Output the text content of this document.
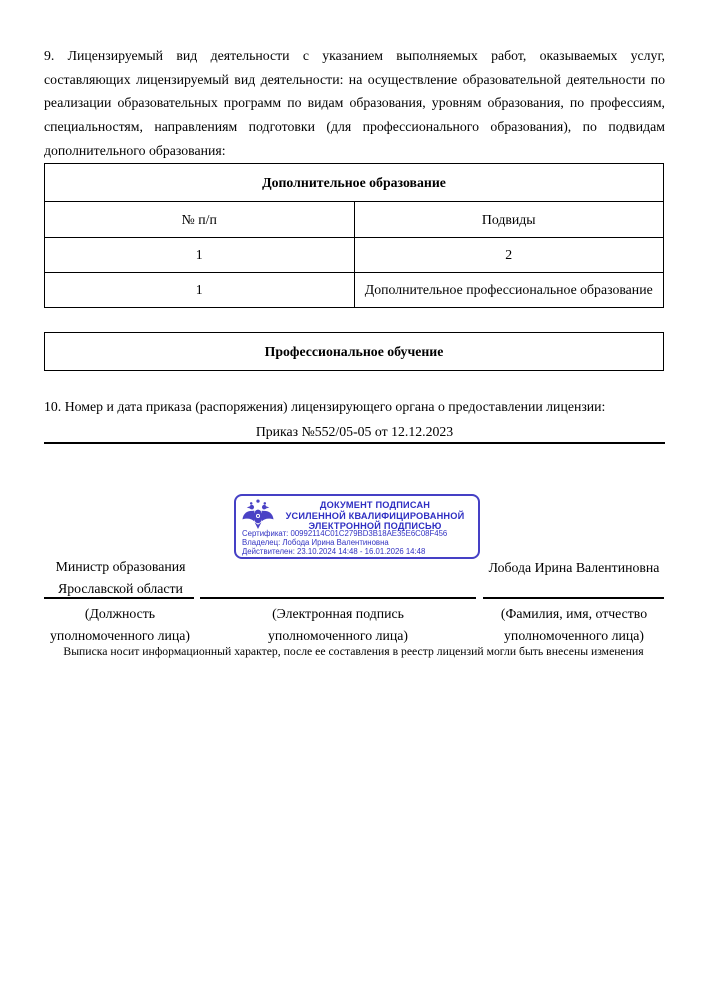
9. Лицензируемый вид деятельности с указанием выполняемых работ, оказываемых услуг, составляющих лицензируемый вид деятельности: на осуществление образовательной деятельности по реализации образовательных программ по видам образования, уровням образования, по профессиям, специальностям, направлениям подготовки (для профессионального образования), по подвидам дополнительного образования:
Дополнительное образование	
№ п/п	Подвиды
1	2
1	Дополнительное профессиональное образование
Профессиональное обучение
10. Номер и дата приказа (распоряжения) лицензирующего органа о предоставлении лицензии:
Приказ №552/05-05 от 12.12.2023
ДОКУМЕНТ ПОДПИСАН
УСИЛЕННОЙ КВАЛИФИЦИРОВАННОЙ
ЭЛЕКТРОННОЙ ПОДПИСЬЮ
Сертификат: 00992114C01C279BD3B18AE35E6C08F456
Владелец: Лобода Ирина Валентиновна
Действителен: 23.10.2024 14:48 - 16.01.2026 14:48
Министр образования
Ярославской области
Лобода Ирина Валентиновна
(Должность уполномоченного лица)
(Электронная подпись уполномоченного лица)
(Фамилия, имя, отчество уполномоченного лица)
Выписка носит информационный характер, после ее составления в реестр лицензий могли быть внесены изменения
